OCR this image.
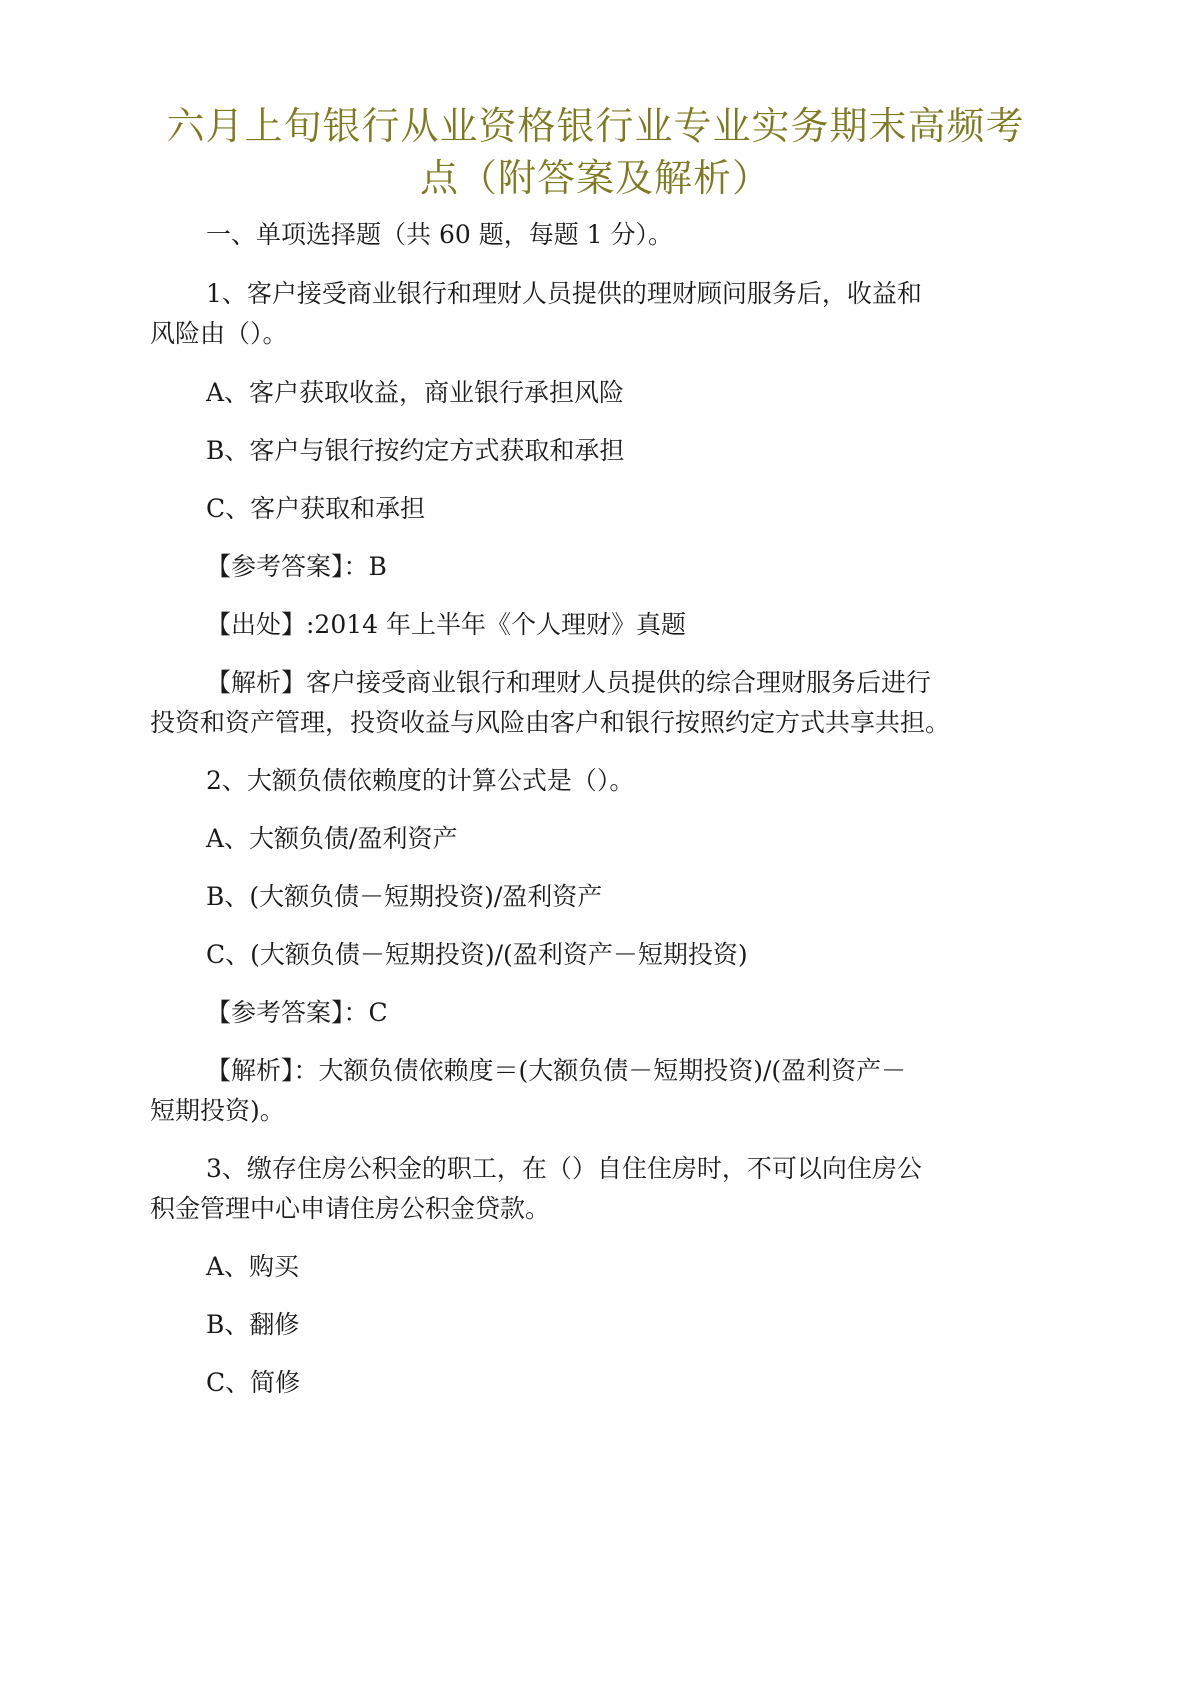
六月上旬银行从业资格银行业专业实务期末高频考
点（附答案及解析）
一、单项选择题（共 60 题，每题 1 分）。
1、客户接受商业银行和理财人员提供的理财顾问服务后，收益和
风险由（）。
A、客户获取收益，商业银行承担风险
B、客户与银行按约定方式获取和承担
C、客户获取和承担
【参考答案】：B
【出处】:2014 年上半年《个人理财》真题
【解析】客户接受商业银行和理财人员提供的综合理财服务后进行
投资和资产管理，投资收益与风险由客户和银行按照约定方式共享共担。
2、大额负债依赖度的计算公式是（）。
A、大额负债/盈利资产
B、(大额负债－短期投资)/盈利资产
C、(大额负债－短期投资)/(盈利资产－短期投资)
【参考答案】：C
【解析】：大额负债依赖度＝(大额负债－短期投资)/(盈利资产－
短期投资)。
3、缴存住房公积金的职工，在（）自住住房时，不可以向住房公
积金管理中心申请住房公积金贷款。
A、购买
B、翻修
C、简修
